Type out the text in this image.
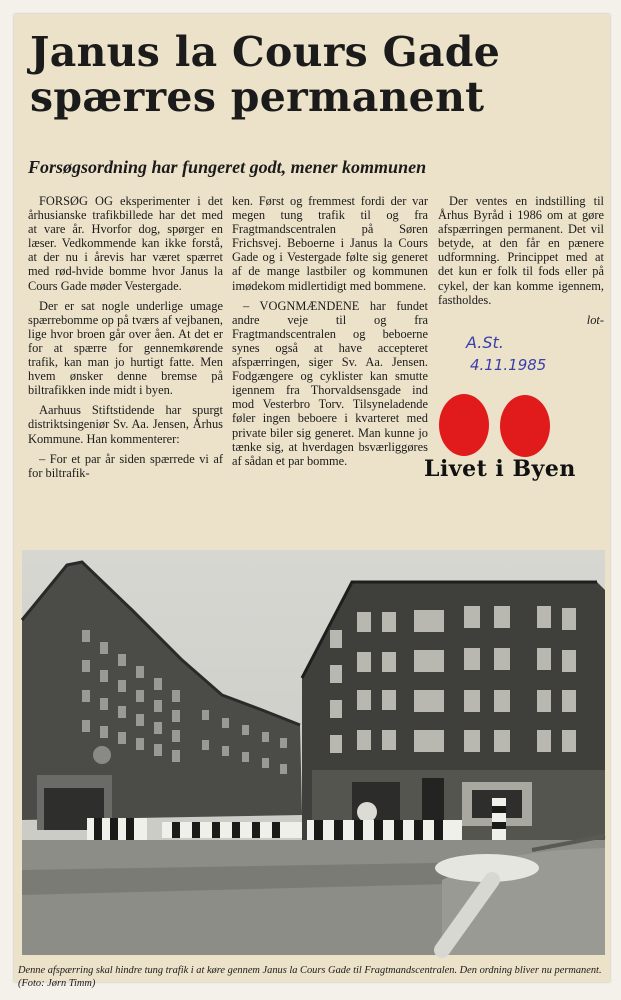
Janus la Cours Gade
spærres permanent
Forsøgsordning har fungeret godt, mener kommunen

FORSØG OG eksperimenter i det århusianske trafikbillede har det med at vare år. Hvorfor dog, spørger en læser. Vedkommende kan ikke forstå, at der nu i årevis har været spærret med rød-hvide bomme hvor Janus la Cours Gade møder Vestergade.

Der er sat nogle underlige umage spærrebomme op på tværs af vejbanen, lige hvor broen går over åen. At det er for at spærre for gennemkørende trafik, kan man jo hurtigt fatte. Men hvem ønsker denne bremse på biltrafikken inde midt i byen.

Aarhuus Stiftstidende har spurgt distriktsingeniør Sv. Aa. Jensen, Århus Kommune. Han kommenterer:

– For et par år siden spærrede vi af for biltrafik-

ken. Først og fremmest fordi der var megen tung trafik til og fra Fragtmandscentralen på Søren Frichsvej. Beboerne i Janus la Cours Gade og i Vestergade følte sig generet af de mange lastbiler og kommunen imødekom midlertidigt med bommene.

– VOGNMÆNDENE har fundet andre veje til og fra Fragtmandscentralen og beboerne synes også at have accepteret afspærringen, siger Sv. Aa. Jensen. Fodgængere og cyklister kan smutte igennem fra Thorvaldsensgade ind mod Vesterbro Torv. Tilsyneladende føler ingen beboere i kvarteret med private biler sig generet. Man kunne jo tænke sig, at hverdagen bsværliggøres af sådan et par bomme.

Der ventes en indstilling til Århus Byråd i 1986 om at gøre afspærringen permanent. Det vil betyde, at den får en pænere udformning. Princippet med at det kun er folk til fods eller på cykel, der kan komme igennem, fastholdes.

lot-
A.St.
4.11.1985
Livet i Byen
Denne afspærring skal hindre tung trafik i at køre gennem Janus la Cours Gade til Fragtmandscentralen. Den ordning bliver nu permanent. (Foto: Jørn Timm)
